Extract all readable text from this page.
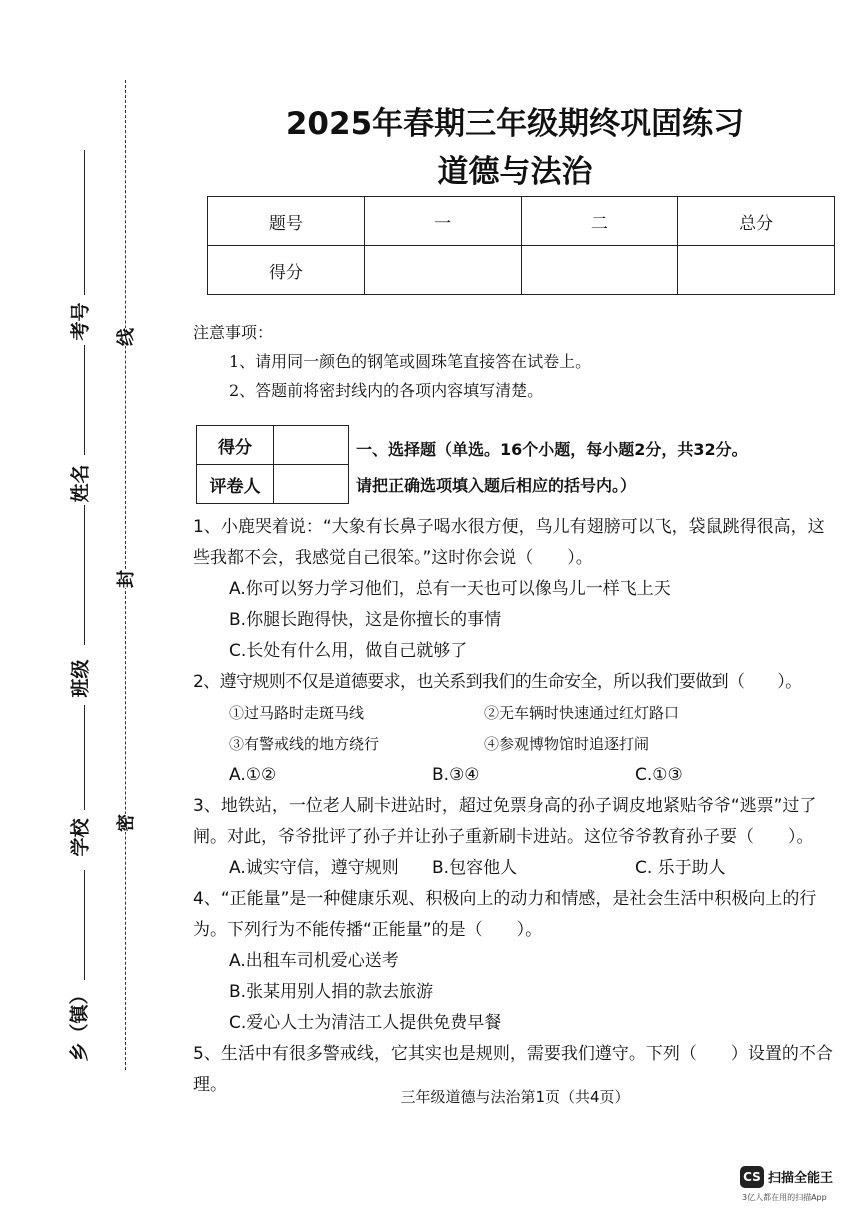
考号
姓名
班级
学校
乡（镇）
线
封
密
2025年春期三年级期终巩固练习
道德与法治
题号	一	二	总分
得分			
注意事项：
1、请用同一颜色的钢笔或圆珠笔直接答在试卷上。
2、答题前将密封线内的各项内容填写清楚。
得分	
评卷人	
一、选择题（单选。16个小题，每小题2分，共32分。
请把正确选项填入题后相应的括号内。）

1、小鹿哭着说：“大象有长鼻子喝水很方便，鸟儿有翅膀可以飞，袋鼠跳得很高，这些我都不会，我感觉自己很笨。”这时你会说（　　）。

A.你可以努力学习他们，总有一天也可以像鸟儿一样飞上天
B.你腿长跑得快，这是你擅长的事情
C.长处有什么用，做自己就够了

2、遵守规则不仅是道德要求，也关系到我们的生命安全，所以我们要做到（　　）。

①过马路时走斑马线	②无车辆时快速通过红灯路口
③有警戒线的地方绕行	④参观博物馆时追逐打闹
A.①②	B.③④	C.①③

3、地铁站，一位老人刷卡进站时，超过免票身高的孙子调皮地紧贴爷爷“逃票”过了闸。对此，爷爷批评了孙子并让孙子重新刷卡进站。这位爷爷教育孙子要（　　）。

A.诚实守信，遵守规则	B.包容他人	C. 乐于助人

4、“正能量”是一种健康乐观、积极向上的动力和情感，是社会生活中积极向上的行为。下列行为不能传播“正能量”的是（　　）。

A.出租车司机爱心送考
B.张某用别人捐的款去旅游
C.爱心人士为清洁工人提供免费早餐

5、生活中有很多警戒线，它其实也是规则，需要我们遵守。下列（　　）设置的不合理。

三年级道德与法治第1页（共4页）
CS 扫描全能王
3亿人都在用的扫描App
